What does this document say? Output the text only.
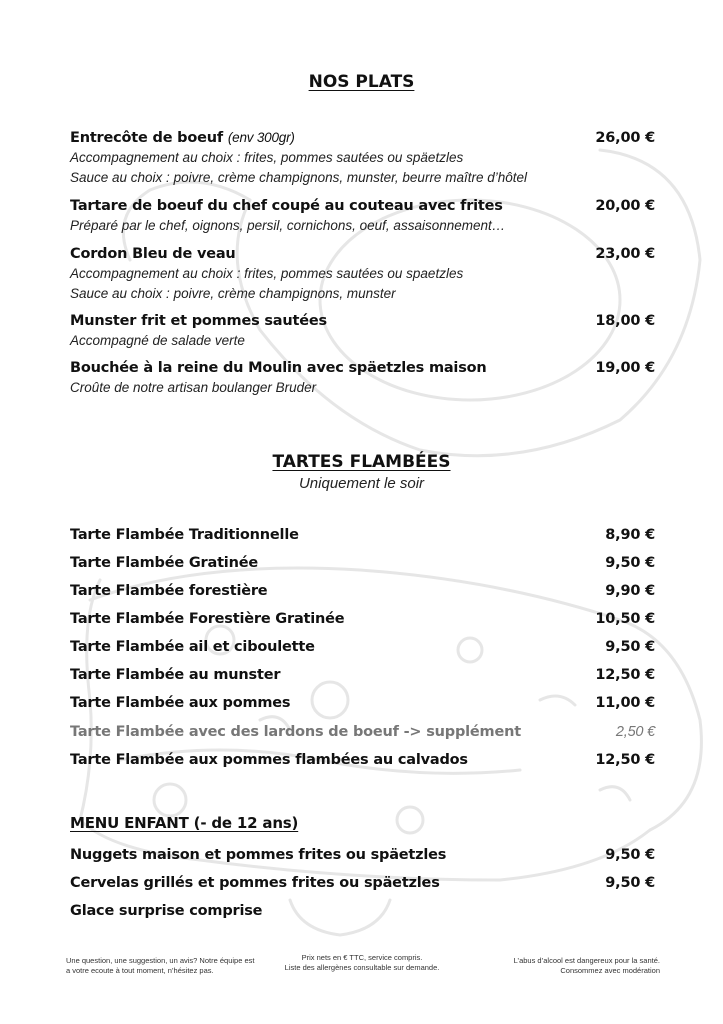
NOS PLATS
Entrecôte de boeuf (env 300gr)	26,00 €
Accompagnement au choix : frites, pommes sautées ou späetzles
Sauce au choix : poivre, crème champignons, munster, beurre maître d’hôtel
Tartare de boeuf du chef coupé au couteau avec frites	20,00 €
Préparé par le chef, oignons, persil, cornichons, oeuf, assaisonnement…
Cordon Bleu de veau	23,00 €
Accompagnement au choix : frites, pommes sautées ou spaetzles
Sauce au choix : poivre, crème champignons, munster
Munster frit et pommes sautées	18,00 €
Accompagné de salade verte
Bouchée à la reine du Moulin avec späetzles maison	19,00 €
Croûte de notre artisan boulanger Bruder
TARTES FLAMBÉES
Uniquement le soir
Tarte Flambée Traditionnelle	8,90 €
Tarte Flambée Gratinée	9,50 €
Tarte Flambée forestière	9,90 €
Tarte Flambée Forestière Gratinée	10,50 €
Tarte Flambée ail et ciboulette	9,50 €
Tarte Flambée au munster	12,50 €
Tarte Flambée aux pommes	11,00 €
Tarte Flambée avec des lardons de boeuf -> supplément	2,50 €
Tarte Flambée aux pommes flambées au calvados	12,50 €
MENU ENFANT (- de 12 ans)
Nuggets maison et pommes frites ou späetzles	9,50 €
Cervelas grillés et pommes frites ou späetzles	9,50 €
Glace surprise comprise
Une question, une suggestion, un avis? Notre équipe est
a votre ecoute à tout moment, n’hésitez pas.
Prix nets en € TTC, service compris.
Liste des allergènes consultable sur demande.
L’abus d’alcool est dangereux pour la santé.
Consommez avec modération
